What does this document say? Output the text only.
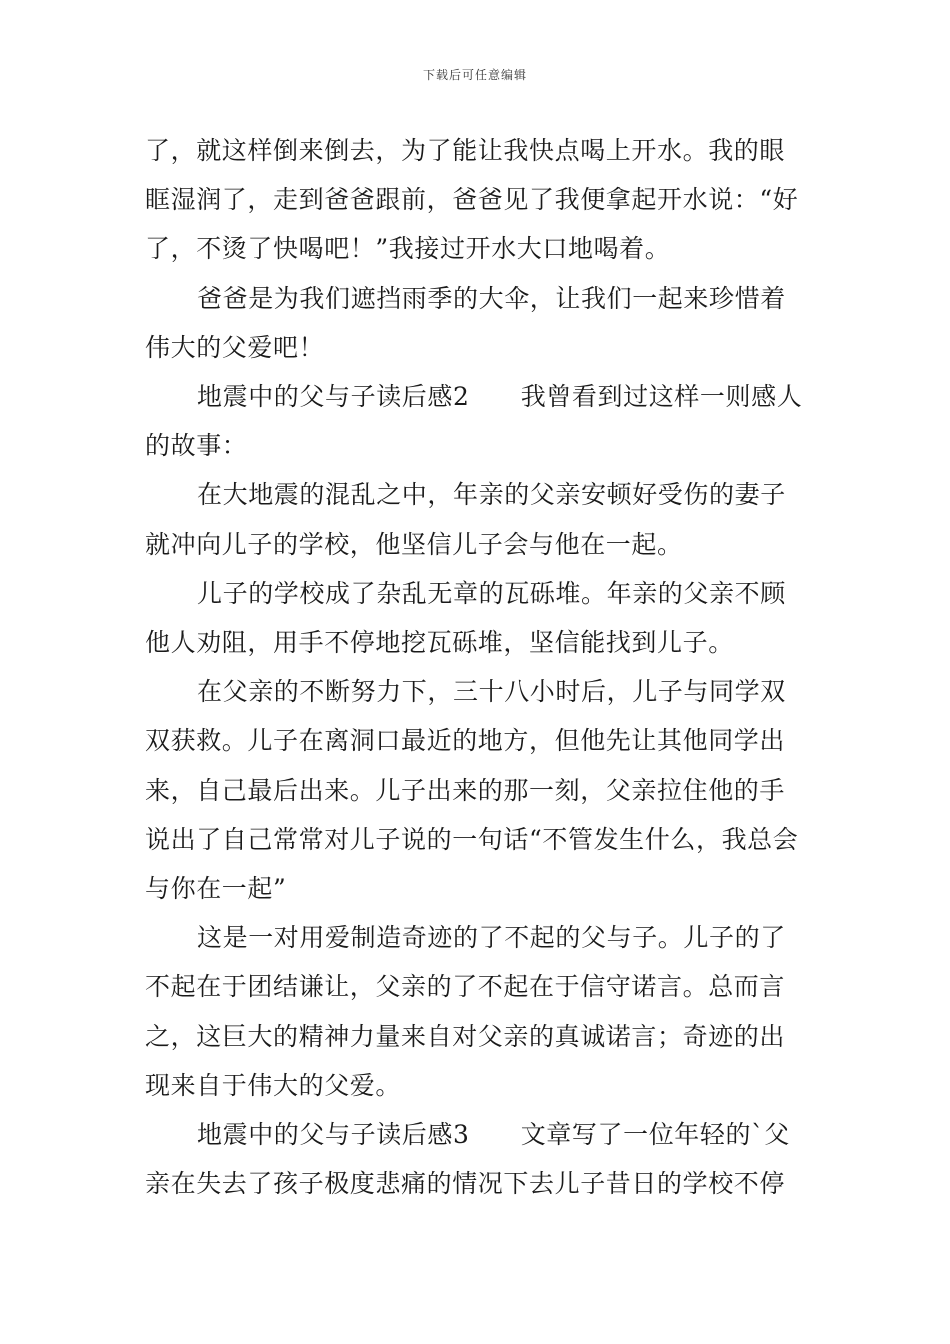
下载后可任意编辑

了，就这样倒来倒去，为了能让我快点喝上开水。我的眼眶湿润了，走到爸爸跟前，爸爸见了我便拿起开水说：“好了，不烫了快喝吧！”我接过开水大口地喝着。

爸爸是为我们遮挡雨季的大伞，让我们一起来珍惜着伟大的父爱吧！

地震中的父与子读后感2　　我曾看到过这样一则感人的故事：

在大地震的混乱之中，年亲的父亲安顿好受伤的妻子就冲向儿子的学校，他坚信儿子会与他在一起。

儿子的学校成了杂乱无章的瓦砾堆。年亲的父亲不顾他人劝阻，用手不停地挖瓦砾堆，坚信能找到儿子。

在父亲的不断努力下，三十八小时后，儿子与同学双双获救。儿子在离洞口最近的地方，但他先让其他同学出来，自己最后出来。儿子出来的那一刻，父亲拉住他的手说出了自己常常对儿子说的一句话“不管发生什么，我总会与你在一起”

这是一对用爱制造奇迹的了不起的父与子。儿子的了不起在于团结谦让，父亲的了不起在于信守诺言。总而言之，这巨大的精神力量来自对父亲的真诚诺言；奇迹的出现来自于伟大的父爱。

地震中的父与子读后感3　　文章写了一位年轻的`父亲在失去了孩子极度悲痛的情况下去儿子昔日的学校不停
